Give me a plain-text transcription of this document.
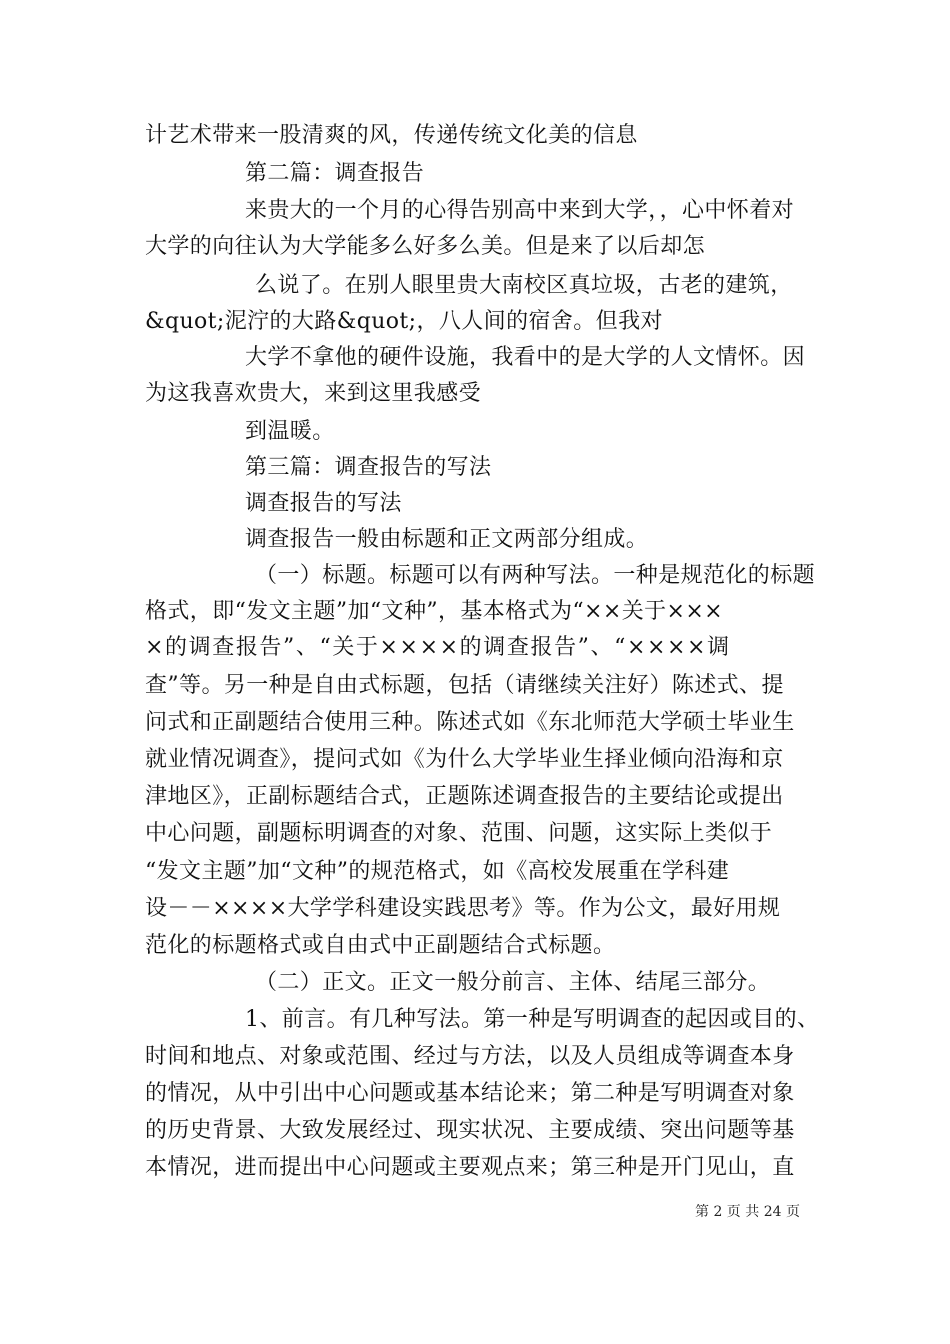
计艺术带来一股清爽的风，传递传统文化美的信息
第二篇：调查报告
来贵大的一个月的心得告别高中来到大学，，心中怀着对
大学的向往认为大学能多么好多么美。但是来了以后却怎
么说了。在别人眼里贵大南校区真垃圾，古老的建筑，
&quot;泥泞的大路&quot;，八人间的宿舍。但我对
大学不拿他的硬件设施，我看中的是大学的人文情怀。因
为这我喜欢贵大，来到这里我感受
到温暖。
第三篇：调查报告的写法
调查报告的写法
调查报告一般由标题和正文两部分组成。
（一）标题。标题可以有两种写法。一种是规范化的标题
格式，即“发文主题”加“文种”，基本格式为“××关于×××
×的调查报告”、“关于××××的调查报告”、“××××调
查”等。另一种是自由式标题，包括（请继续关注好）陈述式、提
问式和正副题结合使用三种。陈述式如《东北师范大学硕士毕业生
就业情况调查》，提问式如《为什么大学毕业生择业倾向沿海和京
津地区》，正副标题结合式，正题陈述调查报告的主要结论或提出
中心问题，副题标明调查的对象、范围、问题，这实际上类似于
“发文主题”加“文种”的规范格式，如《高校发展重在学科建
设－－××××大学学科建设实践思考》等。作为公文，最好用规
范化的标题格式或自由式中正副题结合式标题。
（二）正文。正文一般分前言、主体、结尾三部分。
1、前言。有几种写法。第一种是写明调查的起因或目的、
时间和地点、对象或范围、经过与方法，以及人员组成等调查本身
的情况，从中引出中心问题或基本结论来；第二种是写明调查对象
的历史背景、大致发展经过、现实状况、主要成绩、突出问题等基
本情况，进而提出中心问题或主要观点来；第三种是开门见山，直
第 2 页 共 24 页
